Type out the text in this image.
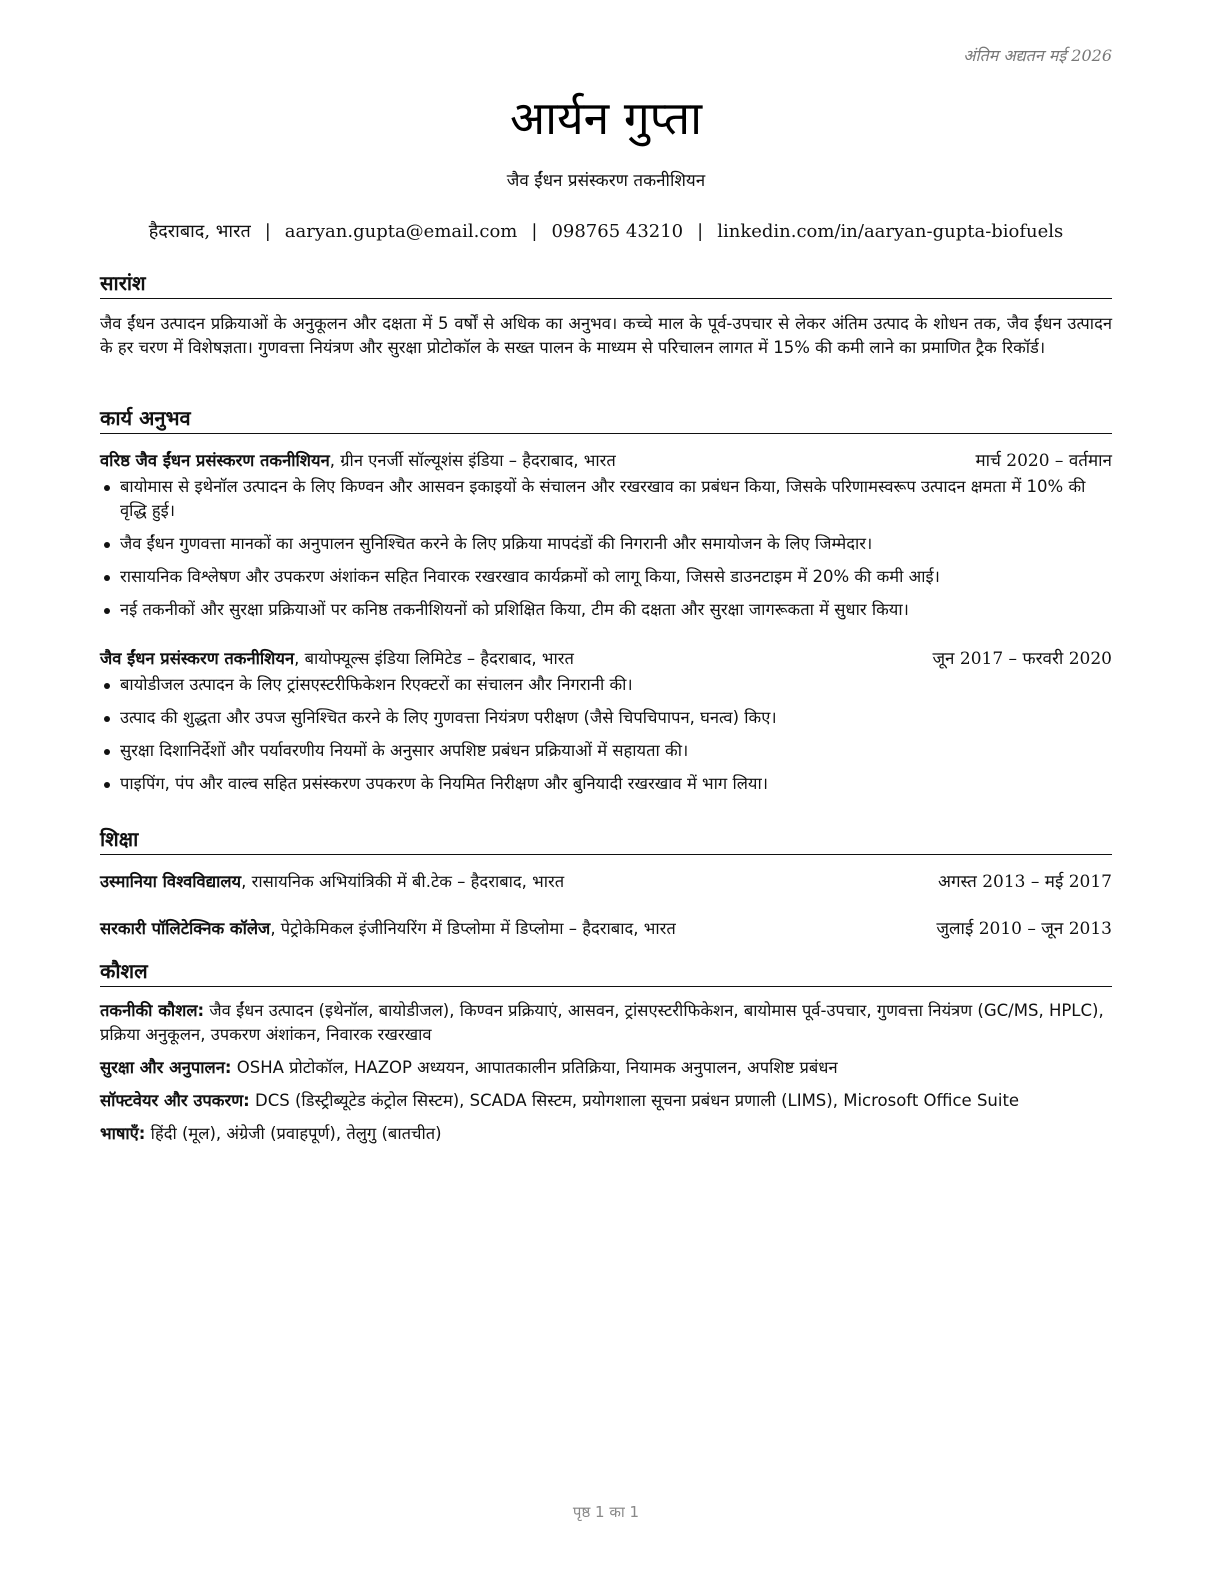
अंतिम अद्यतन मई 2026
आर्यन गुप्ता
जैव ईंधन प्रसंस्करण तकनीशियन
हैदराबाद, भारत | aaryan.gupta@email.com | 098765 43210 | linkedin.com/in/aaryan-gupta-biofuels
सारांश
जैव ईंधन उत्पादन प्रक्रियाओं के अनुकूलन और दक्षता में 5 वर्षों से अधिक का अनुभव। कच्चे माल के पूर्व-उपचार से लेकर अंतिम उत्पाद के शोधन तक, जैव ईंधन उत्पादन के हर चरण में विशेषज्ञता। गुणवत्ता नियंत्रण और सुरक्षा प्रोटोकॉल के सख्त पालन के माध्यम से परिचालन लागत में 15% की कमी लाने का प्रमाणित ट्रैक रिकॉर्ड।
कार्य अनुभव
वरिष्ठ जैव ईंधन प्रसंस्करण तकनीशियन, ग्रीन एनर्जी सॉल्यूशंस इंडिया – हैदराबाद, भारत	मार्च 2020 – वर्तमान
बायोमास से इथेनॉल उत्पादन के लिए किण्वन और आसवन इकाइयों के संचालन और रखरखाव का प्रबंधन किया, जिसके परिणामस्वरूप उत्पादन क्षमता में 10% की वृद्धि हुई।
जैव ईंधन गुणवत्ता मानकों का अनुपालन सुनिश्चित करने के लिए प्रक्रिया मापदंडों की निगरानी और समायोजन के लिए जिम्मेदार।
रासायनिक विश्लेषण और उपकरण अंशांकन सहित निवारक रखरखाव कार्यक्रमों को लागू किया, जिससे डाउनटाइम में 20% की कमी आई।
नई तकनीकों और सुरक्षा प्रक्रियाओं पर कनिष्ठ तकनीशियनों को प्रशिक्षित किया, टीम की दक्षता और सुरक्षा जागरूकता में सुधार किया।
जैव ईंधन प्रसंस्करण तकनीशियन, बायोफ्यूल्स इंडिया लिमिटेड – हैदराबाद, भारत	जून 2017 – फरवरी 2020
बायोडीजल उत्पादन के लिए ट्रांसएस्टरीफिकेशन रिएक्टरों का संचालन और निगरानी की।
उत्पाद की शुद्धता और उपज सुनिश्चित करने के लिए गुणवत्ता नियंत्रण परीक्षण (जैसे चिपचिपापन, घनत्व) किए।
सुरक्षा दिशानिर्देशों और पर्यावरणीय नियमों के अनुसार अपशिष्ट प्रबंधन प्रक्रियाओं में सहायता की।
पाइपिंग, पंप और वाल्व सहित प्रसंस्करण उपकरण के नियमित निरीक्षण और बुनियादी रखरखाव में भाग लिया।
शिक्षा
उस्मानिया विश्वविद्यालय, रासायनिक अभियांत्रिकी में बी.टेक – हैदराबाद, भारत	अगस्त 2013 – मई 2017
सरकारी पॉलिटेक्निक कॉलेज, पेट्रोकेमिकल इंजीनियरिंग में डिप्लोमा में डिप्लोमा – हैदराबाद, भारत	जुलाई 2010 – जून 2013
कौशल
तकनीकी कौशल: जैव ईंधन उत्पादन (इथेनॉल, बायोडीजल), किण्वन प्रक्रियाएं, आसवन, ट्रांसएस्टरीफिकेशन, बायोमास पूर्व-उपचार, गुणवत्ता नियंत्रण (GC/MS, HPLC), प्रक्रिया अनुकूलन, उपकरण अंशांकन, निवारक रखरखाव
सुरक्षा और अनुपालन: OSHA प्रोटोकॉल, HAZOP अध्ययन, आपातकालीन प्रतिक्रिया, नियामक अनुपालन, अपशिष्ट प्रबंधन
सॉफ्टवेयर और उपकरण: DCS (डिस्ट्रीब्यूटेड कंट्रोल सिस्टम), SCADA सिस्टम, प्रयोगशाला सूचना प्रबंधन प्रणाली (LIMS), Microsoft Office Suite
भाषाएँ: हिंदी (मूल), अंग्रेजी (प्रवाहपूर्ण), तेलुगु (बातचीत)
पृष्ठ 1 का 1
